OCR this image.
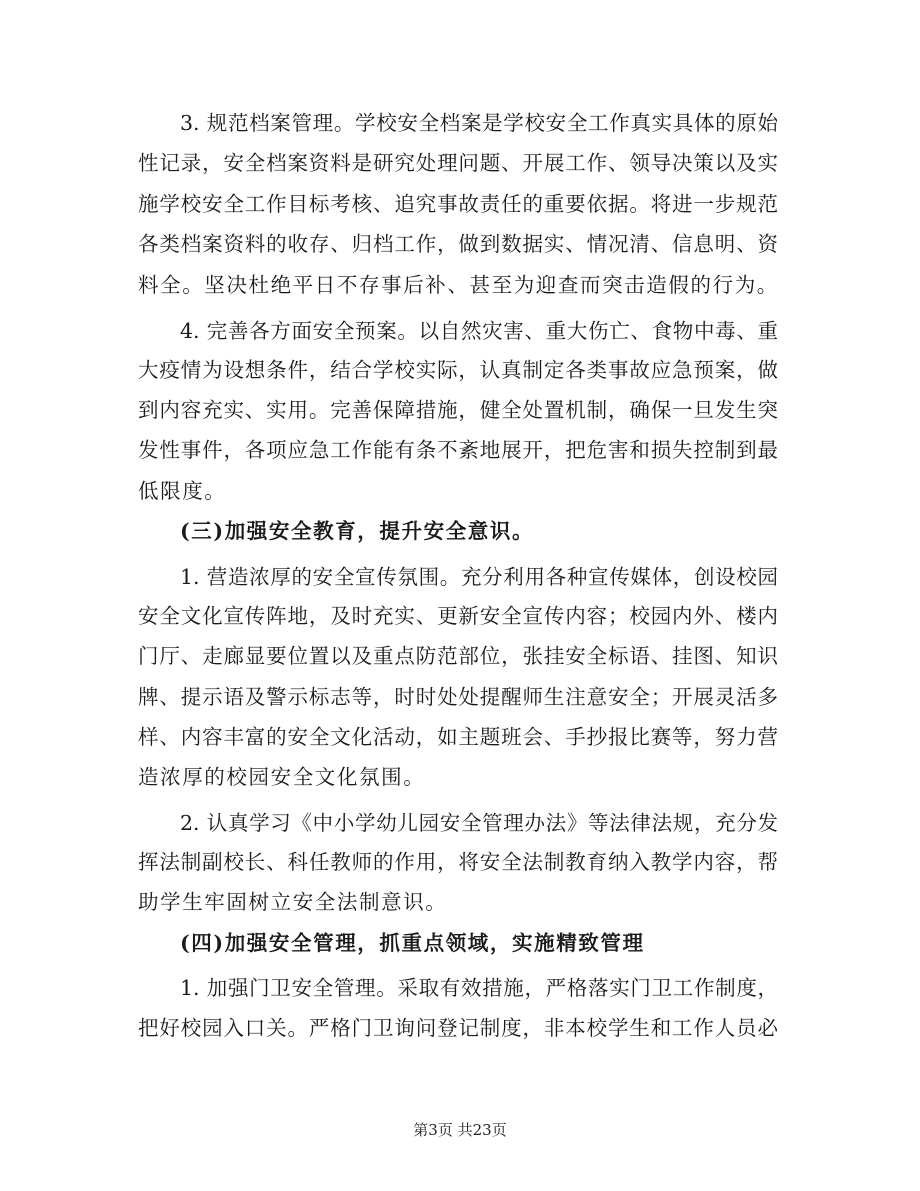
3. 规范档案管理。学校安全档案是学校安全工作真实具体的原始
性记录，安全档案资料是研究处理问题、开展工作、领导决策以及实
施学校安全工作目标考核、追究事故责任的重要依据。将进一步规范
各类档案资料的收存、归档工作，做到数据实、情况清、信息明、资
料全。坚决杜绝平日不存事后补、甚至为迎查而突击造假的行为。
4. 完善各方面安全预案。以自然灾害、重大伤亡、食物中毒、重
大疫情为设想条件，结合学校实际，认真制定各类事故应急预案，做
到内容充实、实用。完善保障措施，健全处置机制，确保一旦发生突
发性事件，各项应急工作能有条不紊地展开，把危害和损失控制到最
低限度。
(三)加强安全教育，提升安全意识。
1. 营造浓厚的安全宣传氛围。充分利用各种宣传媒体，创设校园
安全文化宣传阵地，及时充实、更新安全宣传内容；校园内外、楼内
门厅、走廊显要位置以及重点防范部位，张挂安全标语、挂图、知识
牌、提示语及警示标志等，时时处处提醒师生注意安全；开展灵活多
样、内容丰富的安全文化活动，如主题班会、手抄报比赛等，努力营
造浓厚的校园安全文化氛围。
2. 认真学习《中小学幼儿园安全管理办法》等法律法规，充分发
挥法制副校长、科任教师的作用，将安全法制教育纳入教学内容，帮
助学生牢固树立安全法制意识。
(四)加强安全管理，抓重点领域，实施精致管理
1. 加强门卫安全管理。采取有效措施，严格落实门卫工作制度，
把好校园入口关。严格门卫询问登记制度，非本校学生和工作人员必
第3页 共23页
